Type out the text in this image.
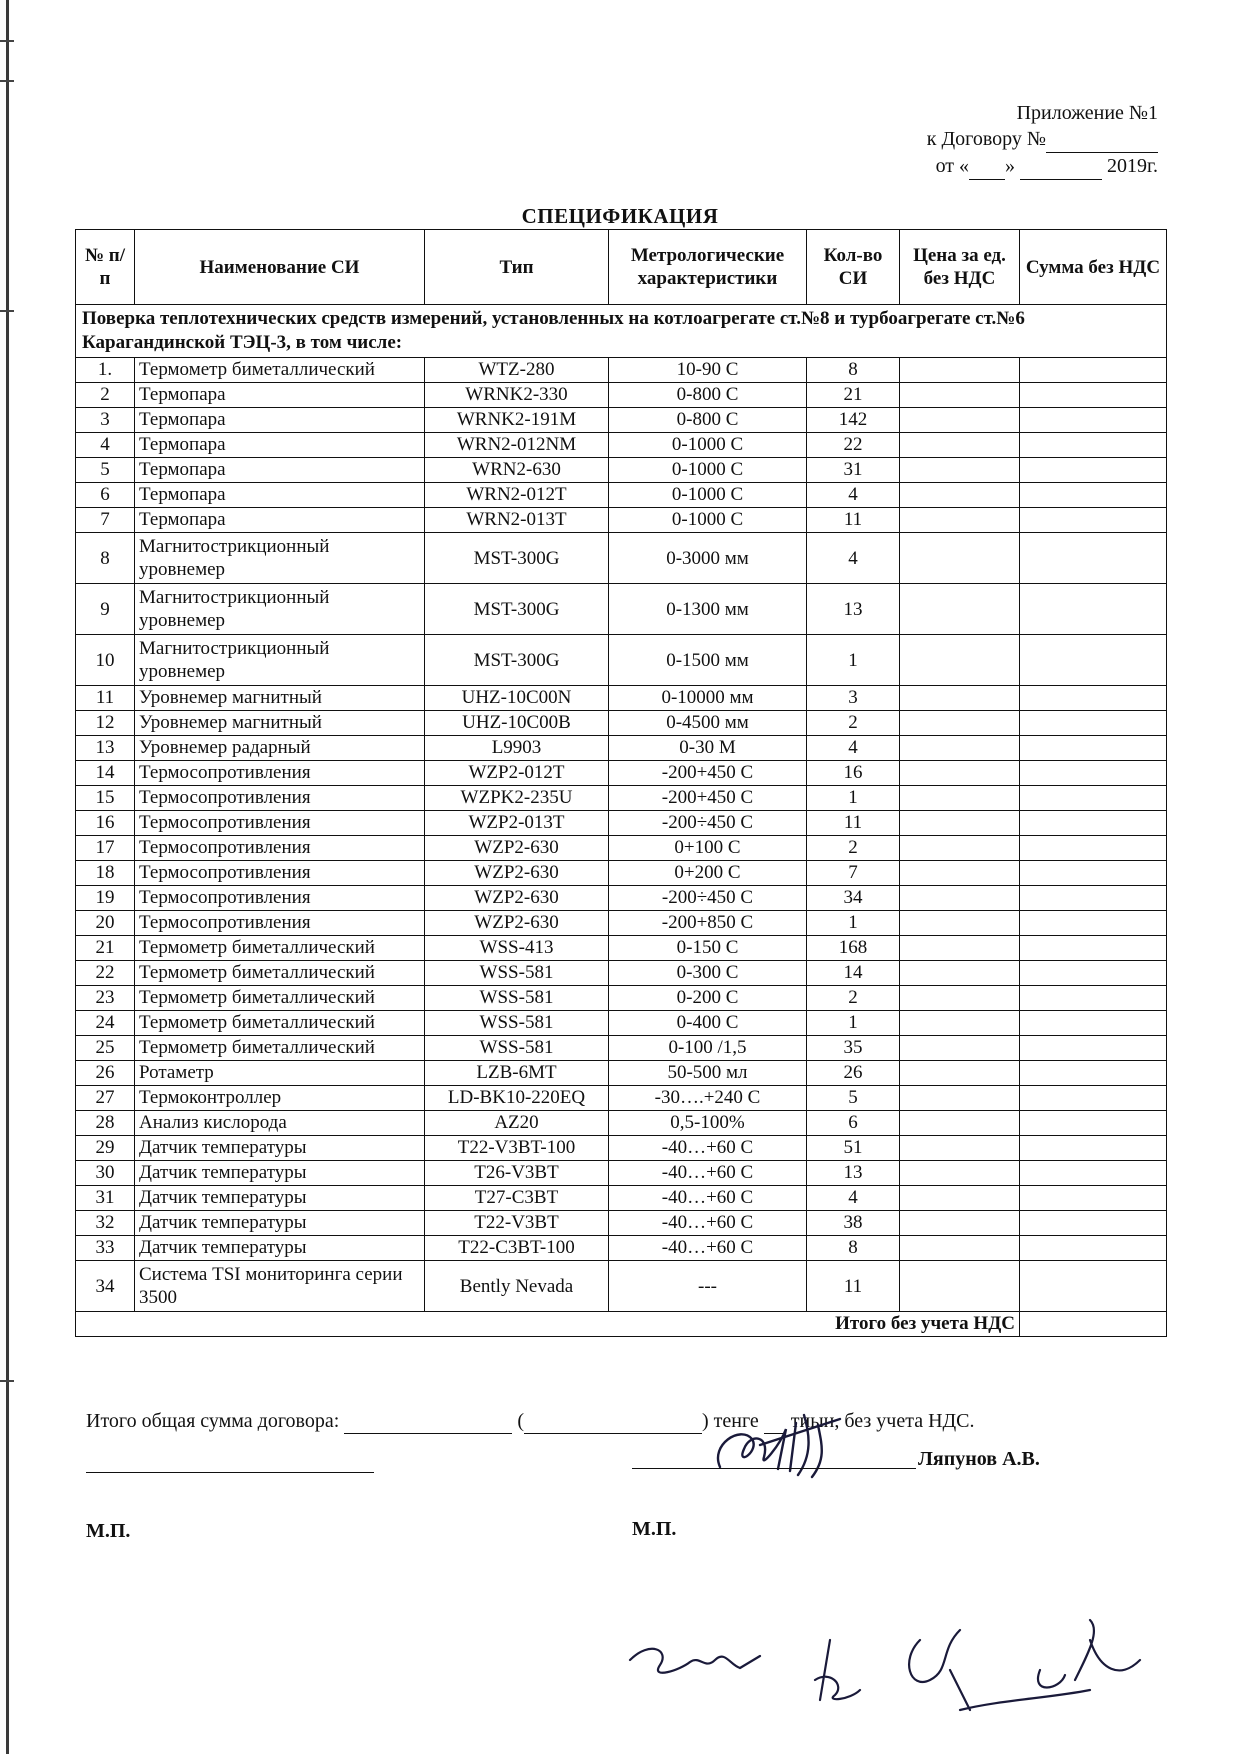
Приложение №1
к Договору №
от « »	2019г.
СПЕЦИФИКАЦИЯ
№ п/п	Наименование СИ	Тип	Метрологические характеристики	Кол-во СИ	Цена за ед. без НДС	Сумма без НДС
Поверка теплотехнических средств измерений, установленных на котлоагрегате ст.№8 и турбоагрегате ст.№6 Карагандинской ТЭЦ-3, в том числе:						
1.	Термометр биметаллический	WTZ-280	10-90 С	8		
2	Термопара	WRNK2-330	0-800 С	21		
3	Термопара	WRNK2-191M	0-800 С	142		
4	Термопара	WRN2-012NM	0-1000 С	22		
5	Термопара	WRN2-630	0-1000 С	31		
6	Термопара	WRN2-012T	0-1000 С	4		
7	Термопара	WRN2-013T	0-1000 С	11		
8	Магнитострикционный уровнемер	MST-300G	0-3000 мм	4		
9	Магнитострикционный уровнемер	MST-300G	0-1300 мм	13		
10	Магнитострикционный уровнемер	MST-300G	0-1500 мм	1		
11	Уровнемер магнитный	UHZ-10C00N	0-10000 мм	3		
12	Уровнемер магнитный	UHZ-10C00B	0-4500 мм	2		
13	Уровнемер радарный	L9903	0-30 М	4		
14	Термосопротивления	WZP2-012T	-200+450 С	16		
15	Термосопротивления	WZPK2-235U	-200+450 С	1		
16	Термосопротивления	WZP2-013T	-200÷450 С	11		
17	Термосопротивления	WZP2-630	0+100 С	2		
18	Термосопротивления	WZP2-630	0+200 С	7		
19	Термосопротивления	WZP2-630	-200÷450 С	34		
20	Термосопротивления	WZP2-630	-200+850 С	1		
21	Термометр биметаллический	WSS-413	0-150 С	168		
22	Термометр биметаллический	WSS-581	0-300 С	14		
23	Термометр биметаллический	WSS-581	0-200 С	2		
24	Термометр биметаллический	WSS-581	0-400 С	1		
25	Термометр биметаллический	WSS-581	0-100 /1,5	35		
26	Ротаметр	LZB-6MT	50-500 мл	26		
27	Термоконтроллер	LD-BK10-220EQ	-30….+240 С	5		
28	Анализ кислорода	AZ20	0,5-100%	6		
29	Датчик температуры	T22-V3BT-100	-40…+60 С	51		
30	Датчик температуры	T26-V3BT	-40…+60 С	13		
31	Датчик температуры	T27-C3BT	-40…+60 С	4		
32	Датчик температуры	T22-V3BT	-40…+60 С	38		
33	Датчик температуры	T22-C3BT-100	-40…+60 С	8		
34	Система TSI мониторинга серии 3500	Bently Nevada	---	11		
Итого без учета НДС						
Итого общая сумма договора:	(	) тенге тиын, без учета НДС.
М.П.
Ляпунов А.В.
М.П.
